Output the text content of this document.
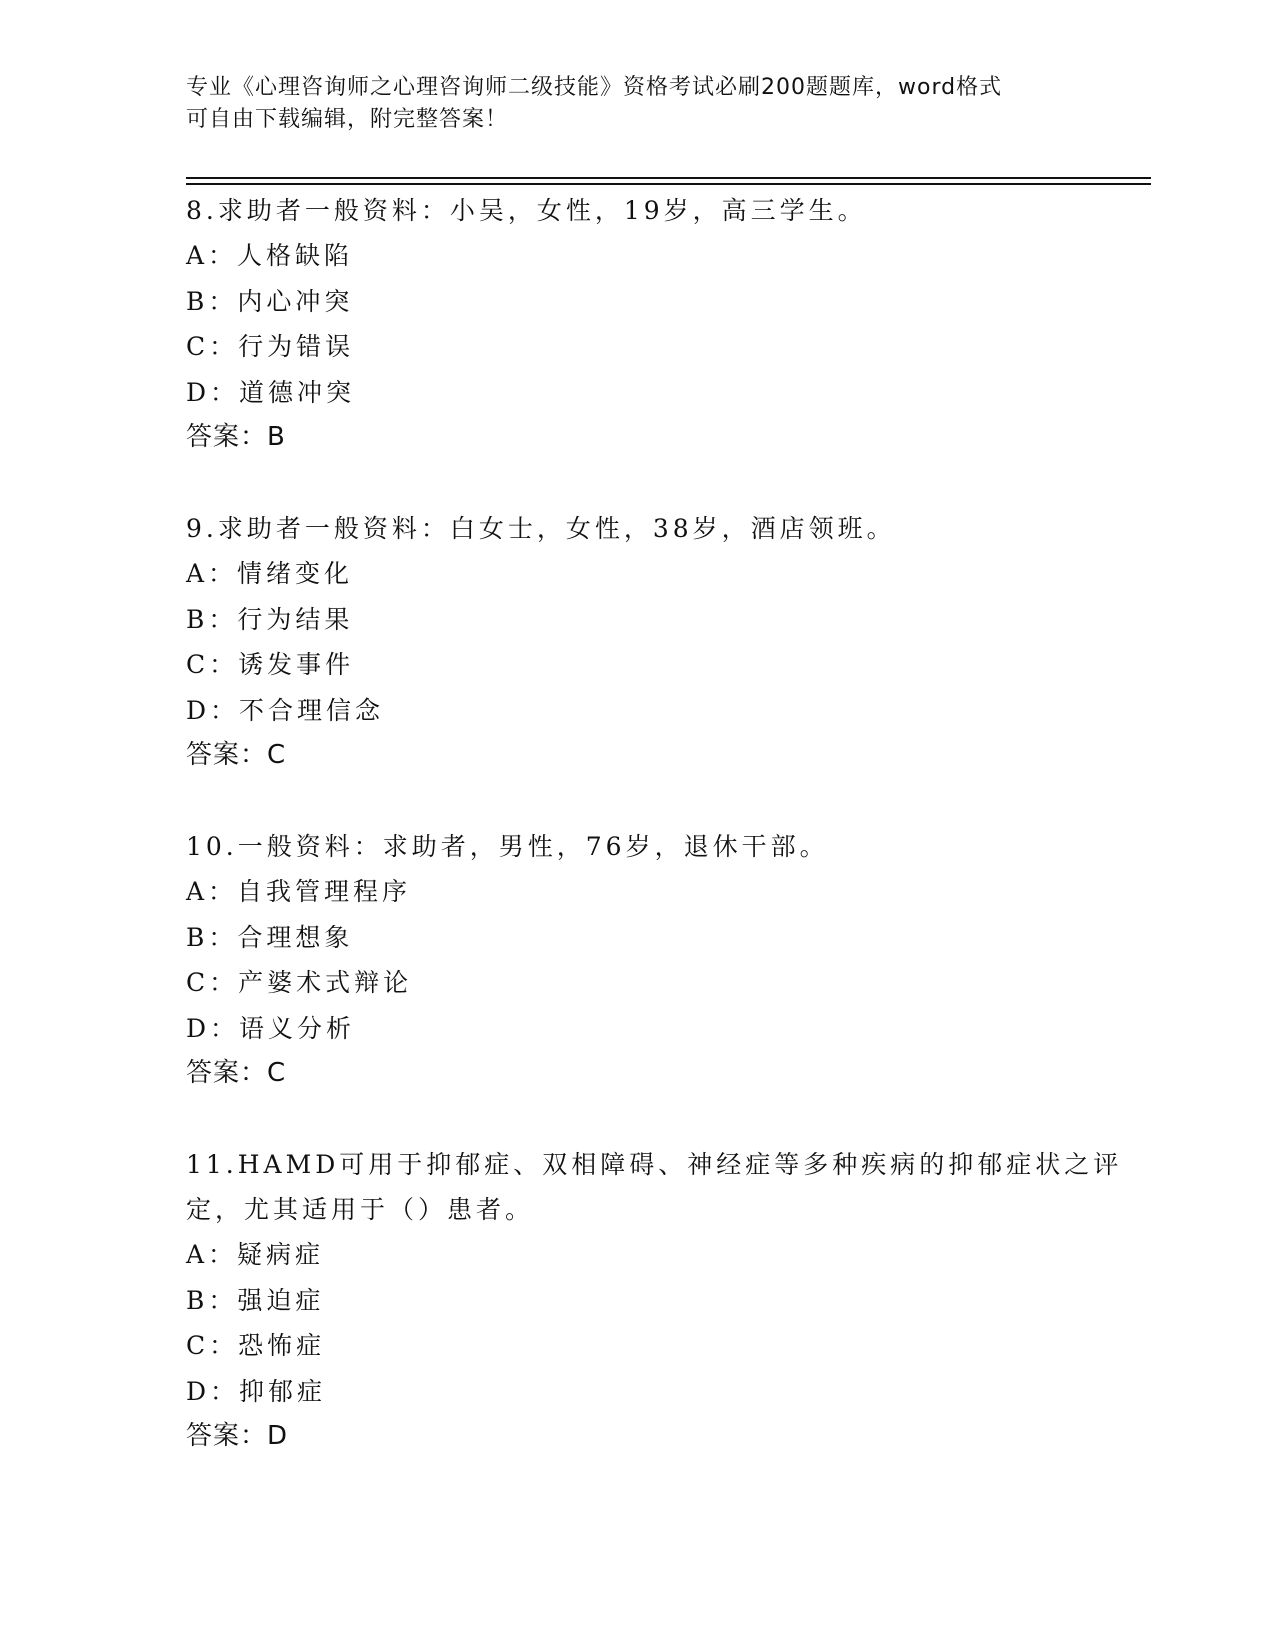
专业《心理咨询师之心理咨询师二级技能》资格考试必刷200题题库，word格式
可自由下载编辑，附完整答案！

8.求助者一般资料：小吴，女性，19岁，高三学生。

A：人格缺陷
B：内心冲突
C：行为错误
D：道德冲突
答案：B

9.求助者一般资料：白女士，女性，38岁，酒店领班。

A：情绪变化
B：行为结果
C：诱发事件
D：不合理信念
答案：C

10.一般资料：求助者，男性，76岁，退休干部。

A：自我管理程序
B：合理想象
C：产婆术式辩论
D：语义分析
答案：C

11.HAMD可用于抑郁症、双相障碍、神经症等多种疾病的抑郁症状之评定，尤其适用于（）患者。

A：疑病症
B：强迫症
C：恐怖症
D：抑郁症
答案：D
